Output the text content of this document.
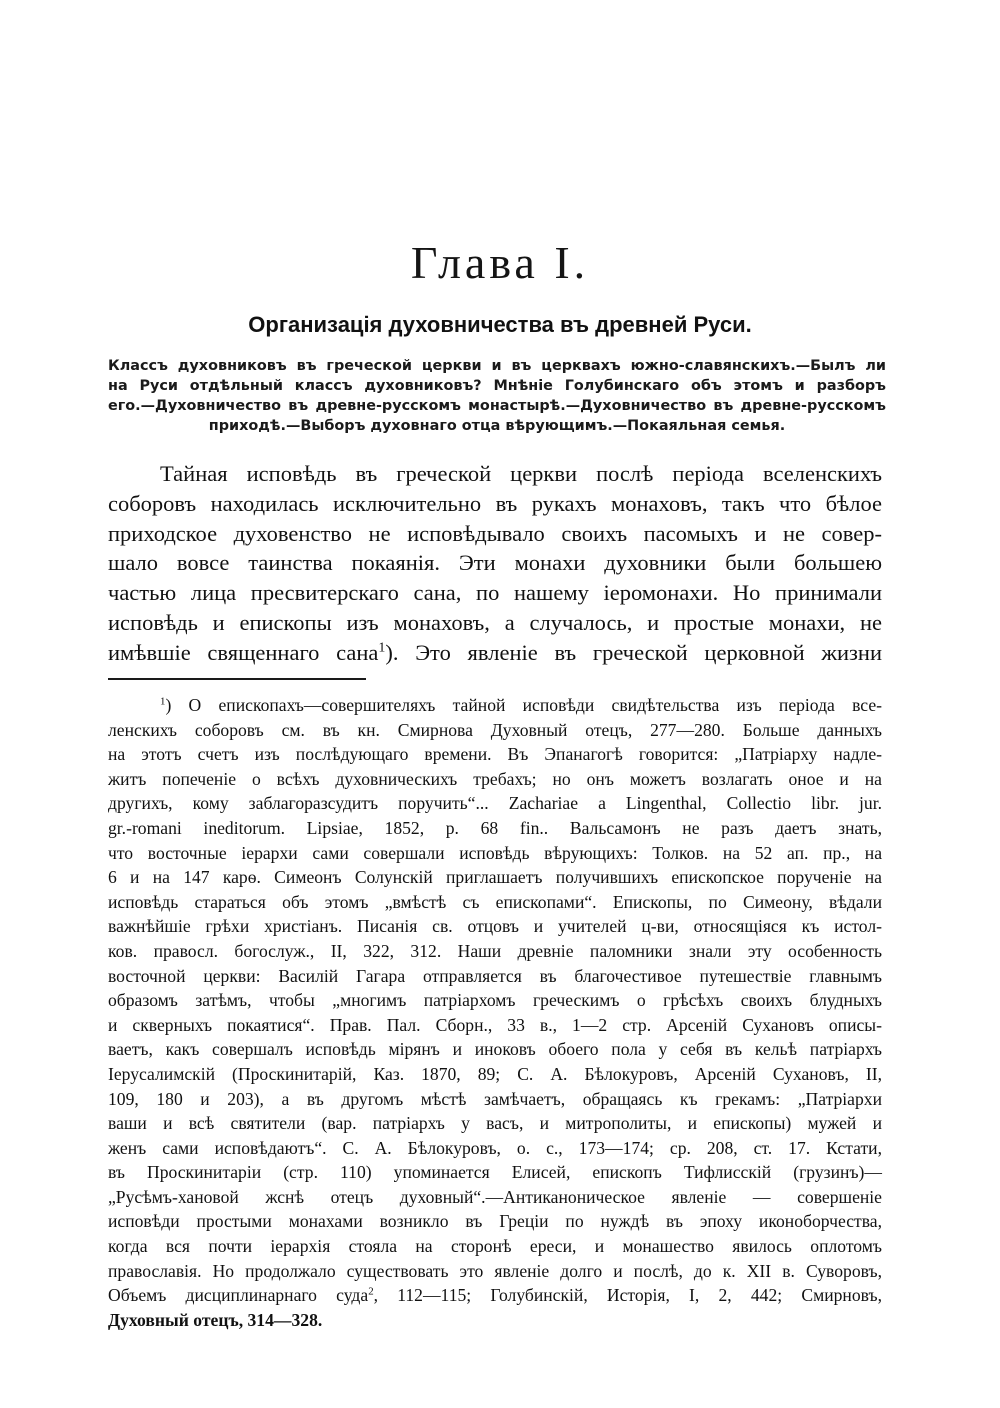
Глава I.
Организація духовничества въ древней Руси.
Классъ духовниковъ въ греческой церкви и въ церквахъ южно-славянскихъ.—Былъ ли
на Руси отдѣльный классъ духовниковъ? Мнѣніе Голубинскаго объ этомъ и разборъ
его.—Духовничество въ древне-русскомъ монастырѣ.—Духовничество въ древне-русскомъ
приходѣ.—Выборъ духовнаго отца вѣрующимъ.—Покаяльная семья.
Тайная исповѣдь въ греческой церкви послѣ періода вселенскихъ
соборовъ находилась исключительно въ рукахъ монаховъ, такъ что бѣлое
приходское духовенство не исповѣдывало своихъ пасомыхъ и не совер-
шало вовсе таинства покаянія. Эти монахи духовники были большею
частью лица пресвитерскаго сана, по нашему іеромонахи. Но принимали
исповѣдь и епископы изъ монаховъ, а случалось, и простые монахи, не
имѣвшіе священнаго сана$^1$). Это явленіе въ греческой церковной жизни
$^1$) О епископахъ—совершителяхъ тайной исповѣди свидѣтельства изъ періода все-
ленскихъ соборовъ см. въ кн. Смирнова Духовный отецъ, 277—280. Больше данныхъ
на этотъ счетъ изъ послѣдующаго времени. Въ Эпанагогѣ говорится: „Патріарху надле-
житъ попеченіе о всѣхъ духовническихъ требахъ; но онъ можетъ возлагать оное и на
другихъ, кому заблагоразсудитъ поручить“... Zachariae a Lingenthal, Collectio libr. jur.
gr.-romani ineditorum. Lipsiae, 1852, p. 68 fin.. Вальсамонъ не разъ даетъ знать,
что восточные іерархи сами совершали исповѣдь вѣрующихъ: Толков. на 52 ап. пр., на
6 и на 147 карѳ. Симеонъ Солунскій приглашаетъ получившихъ епископское порученіе на
исповѣдь стараться объ этомъ „вмѣстѣ съ епископами“. Епископы, по Симеону, вѣдали
важнѣйшіе грѣхи христіанъ. Писанія св. отцовъ и учителей ц-ви, относящіяся къ истол-
ков. правосл. богослуж., II, 322, 312. Наши древніе паломники знали эту особенность
восточной церкви: Василій Гагара отправляется въ благочестивое путешествіе главнымъ
образомъ затѣмъ, чтобы „многимъ патріархомъ греческимъ о грѣсѣхъ своихъ блудныхъ
и скверныхъ покаятися“. Прав. Пал. Сборн., 33 в., 1—2 стр. Арсеній Сухановъ описы-
ваетъ, какъ совершалъ исповѣдь мірянъ и иноковъ обоего пола у себя въ кельѣ патріархъ
Іерусалимскій (Проскинитарій, Каз. 1870, 89; С. А. Бѣлокуровъ, Арсеній Сухановъ, II,
109, 180 и 203), а въ другомъ мѣстѣ замѣчаетъ, обращаясь къ грекамъ: „Патріархи
ваши и всѣ святители (вар. патріархъ у васъ, и митрополиты, и епископы) мужей и
женъ сами исповѣдаютъ“. С. А. Бѣлокуровъ, о. с., 173—174; ср. 208, ст. 17. Кстати,
въ Проскинитаріи (стр. 110) упоминается Елисей, епископъ Тифлисскій (грузинъ)—
„Русѣмъ-хановой жснѣ отецъ духовный“.—Антиканоническое явленіе — совершеніе
исповѣди простыми монахами возникло въ Греціи по нуждѣ въ эпоху иконоборчества,
когда вся почти іерархія стояла на сторонѣ ереси, и монашество явилось оплотомъ
православія. Но продолжало существовать это явленіе долго и послѣ, до к. XII в. Суворовъ,
Объемъ дисциплинарнаго суда$^2$, 112—115; Голубинскій, Исторія, I, 2, 442; Смирновъ,
Духовный отецъ, 314—328.
